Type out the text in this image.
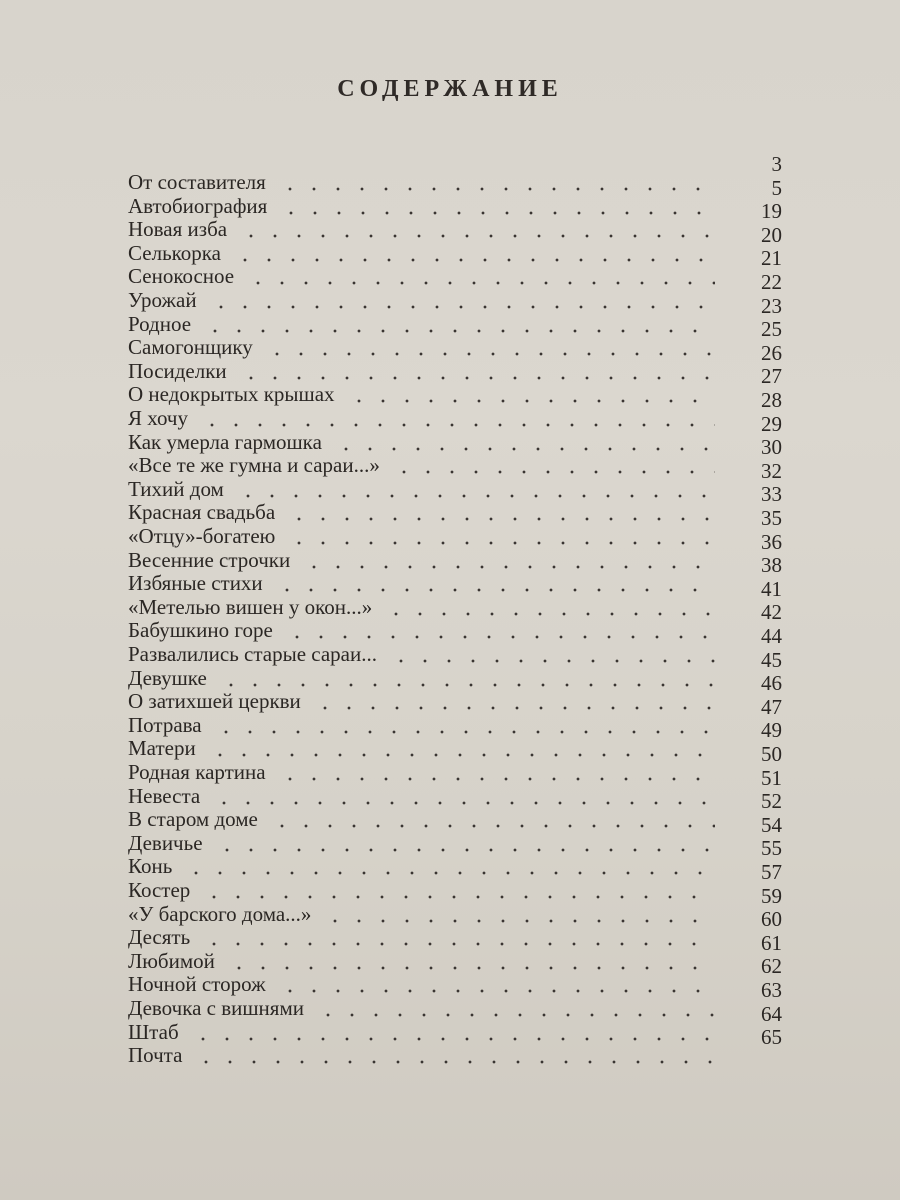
СОДЕРЖАНИЕ
От составителя
3
Автобиография
5
Новая изба
19
Селькорка
20
Сенокосное
21
Урожай
22
Родное
23
Самогонщику
25
Посиделки
26
О недокрытых крышах
27
Я хочу
28
Как умерла гармошка
29
«Все те же гумна и сараи...»
30
Тихий дом
32
Красная свадьба
33
«Отцу»-богатею
35
Весенние строчки
36
Избяные стихи
38
«Метелью вишен у окон...»
41
Бабушкино горе
42
Развалились старые сараи...
44
Девушке
45
О затихшей церкви
46
Потрава
47
Матери
49
Родная картина
50
Невеста
51
В старом доме
52
Девичье
54
Конь
55
Костер
57
«У барского дома...»
59
Десять
60
Любимой
61
Ночной сторож
62
Девочка с вишнями
63
Штаб
64
Почта
65
